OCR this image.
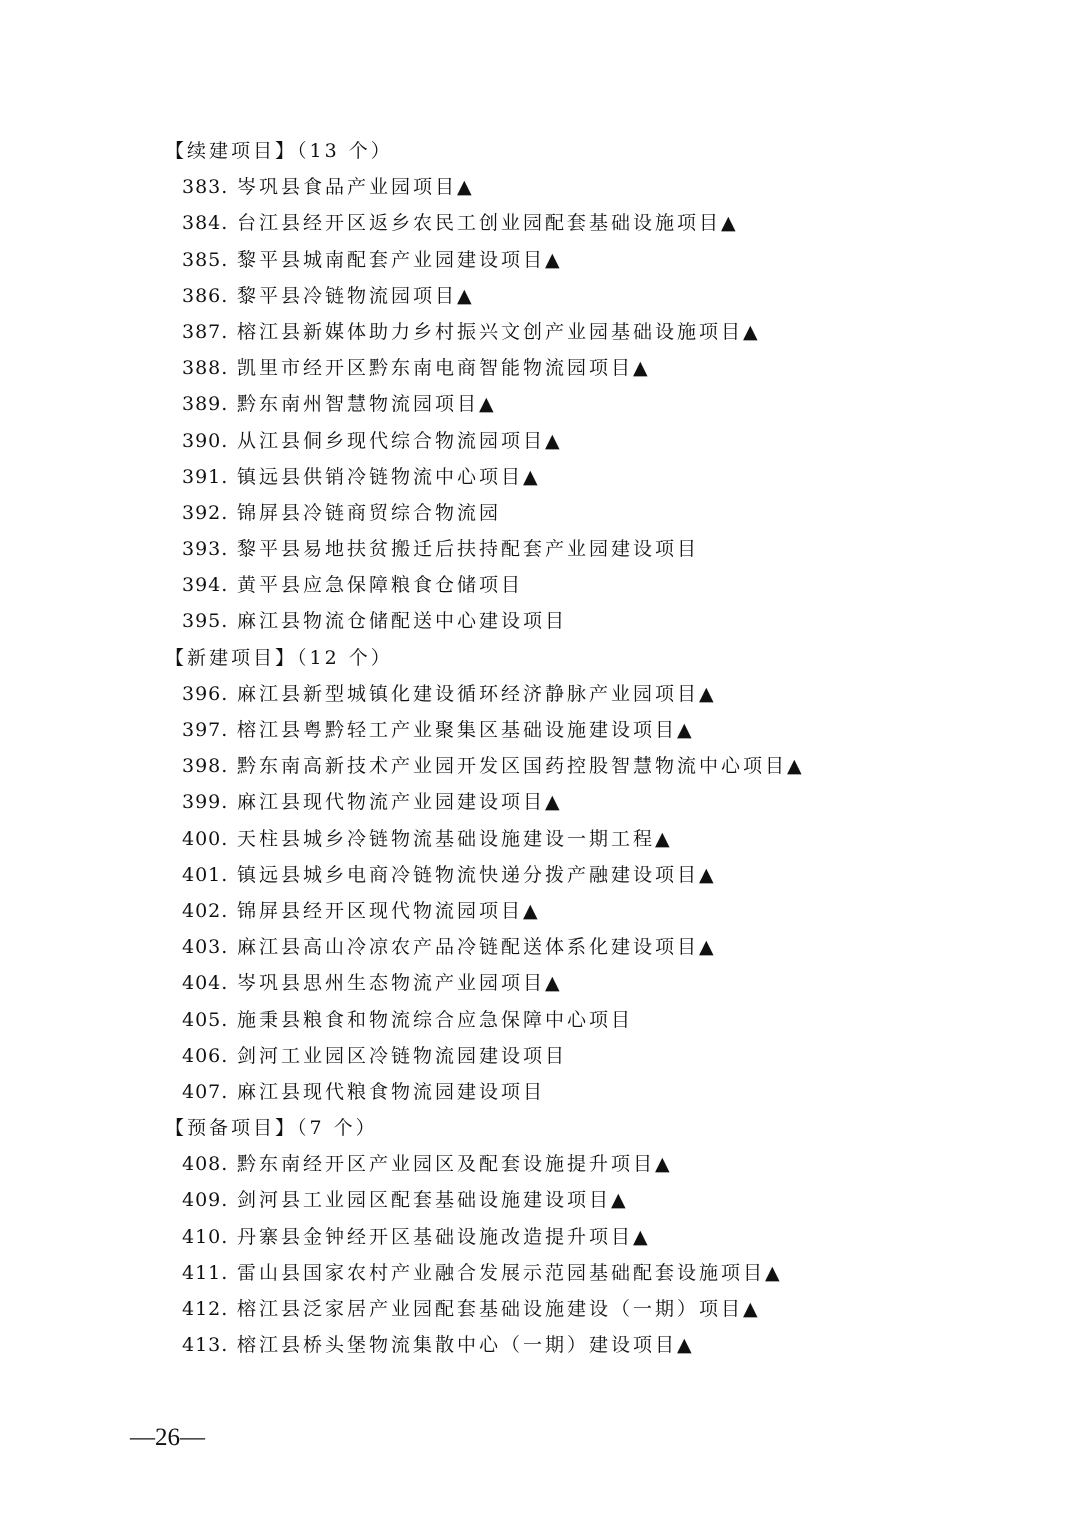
【续建项目】（13 个）
383. 岑巩县食品产业园项目▲
384. 台江县经开区返乡农民工创业园配套基础设施项目▲
385. 黎平县城南配套产业园建设项目▲
386. 黎平县冷链物流园项目▲
387. 榕江县新媒体助力乡村振兴文创产业园基础设施项目▲
388. 凯里市经开区黔东南电商智能物流园项目▲
389. 黔东南州智慧物流园项目▲
390. 从江县侗乡现代综合物流园项目▲
391. 镇远县供销冷链物流中心项目▲
392. 锦屏县冷链商贸综合物流园
393. 黎平县易地扶贫搬迁后扶持配套产业园建设项目
394. 黄平县应急保障粮食仓储项目
395. 麻江县物流仓储配送中心建设项目
【新建项目】（12 个）
396. 麻江县新型城镇化建设循环经济静脉产业园项目▲
397. 榕江县粤黔轻工产业聚集区基础设施建设项目▲
398. 黔东南高新技术产业园开发区国药控股智慧物流中心项目▲
399. 麻江县现代物流产业园建设项目▲
400. 天柱县城乡冷链物流基础设施建设一期工程▲
401. 镇远县城乡电商冷链物流快递分拨产融建设项目▲
402. 锦屏县经开区现代物流园项目▲
403. 麻江县高山冷凉农产品冷链配送体系化建设项目▲
404. 岑巩县思州生态物流产业园项目▲
405. 施秉县粮食和物流综合应急保障中心项目
406. 剑河工业园区冷链物流园建设项目
407. 麻江县现代粮食物流园建设项目
【预备项目】（7 个）
408. 黔东南经开区产业园区及配套设施提升项目▲
409. 剑河县工业园区配套基础设施建设项目▲
410. 丹寨县金钟经开区基础设施改造提升项目▲
411. 雷山县国家农村产业融合发展示范园基础配套设施项目▲
412. 榕江县泛家居产业园配套基础设施建设（一期）项目▲
413. 榕江县桥头堡物流集散中心（一期）建设项目▲
—26—
